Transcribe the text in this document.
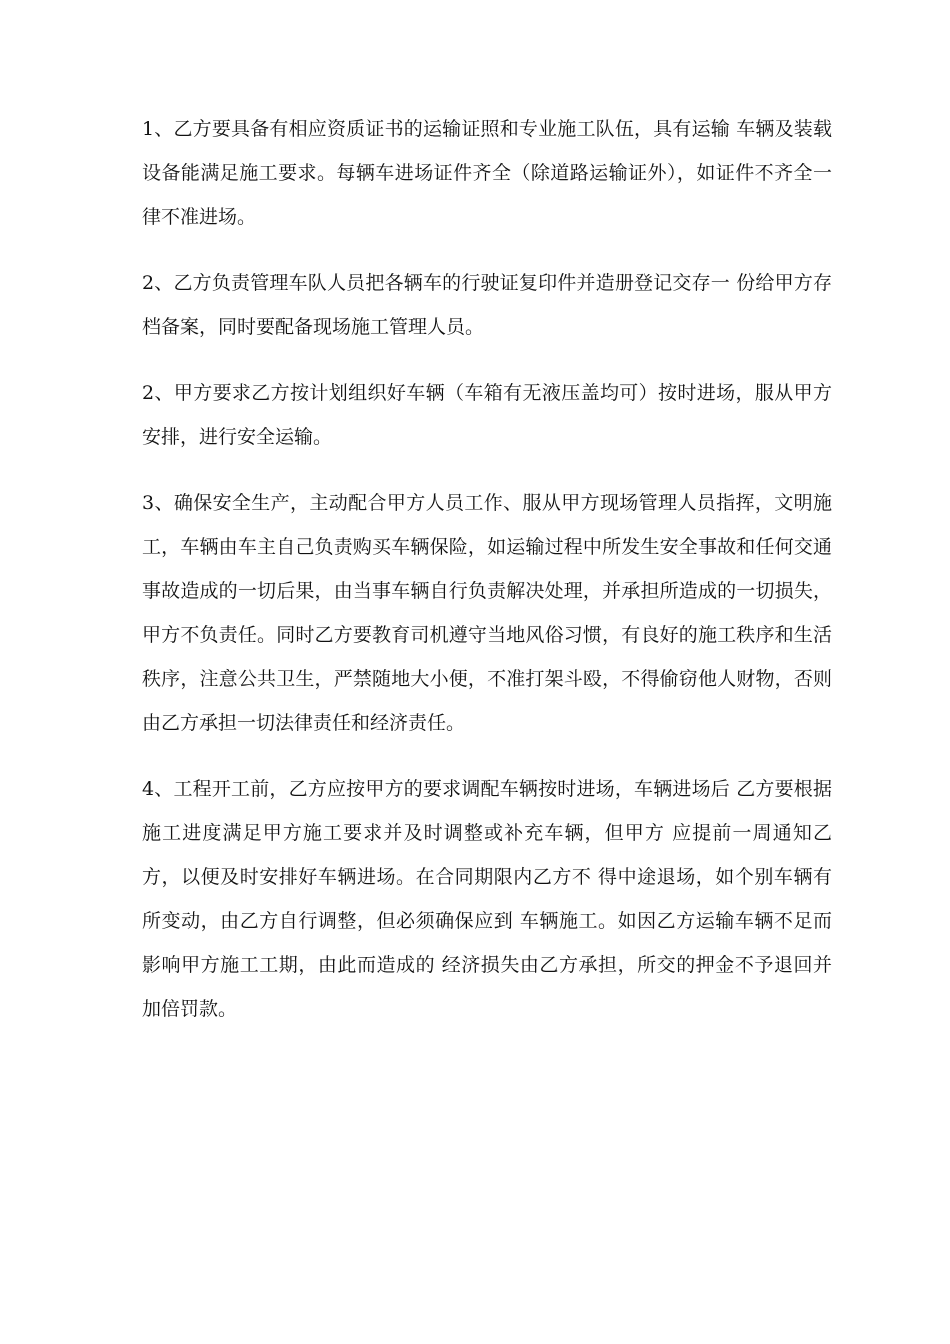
1、乙方要具备有相应资质证书的运输证照和专业施工队伍，具有运输 车辆及装载设备能满足施工要求。每辆车进场证件齐全（除道路运输证外），如证件不齐全一律不准进场。

2、乙方负责管理车队人员把各辆车的行驶证复印件并造册登记交存一 份给甲方存档备案，同时要配备现场施工管理人员。

2、甲方要求乙方按计划组织好车辆（车箱有无液压盖均可）按时进场，服从甲方安排，进行安全运输。

3、确保安全生产，主动配合甲方人员工作、服从甲方现场管理人员指挥，文明施工，车辆由车主自己负责购买车辆保险，如运输过程中所发生安全事故和任何交通事故造成的一切后果，由当事车辆自行负责解决处理，并承担所造成的一切损失，甲方不负责任。同时乙方要教育司机遵守当地风俗习惯，有良好的施工秩序和生活秩序，注意公共卫生，严禁随地大小便，不准打架斗殴，不得偷窃他人财物，否则由乙方承担一切法律责任和经济责任。

4、工程开工前，乙方应按甲方的要求调配车辆按时进场，车辆进场后 乙方要根据施工进度满足甲方施工要求并及时调整或补充车辆，但甲方 应提前一周通知乙方，以便及时安排好车辆进场。在合同期限内乙方不 得中途退场，如个别车辆有所变动，由乙方自行调整，但必须确保应到 车辆施工。如因乙方运输车辆不足而影响甲方施工工期，由此而造成的 经济损失由乙方承担，所交的押金不予退回并加倍罚款。
